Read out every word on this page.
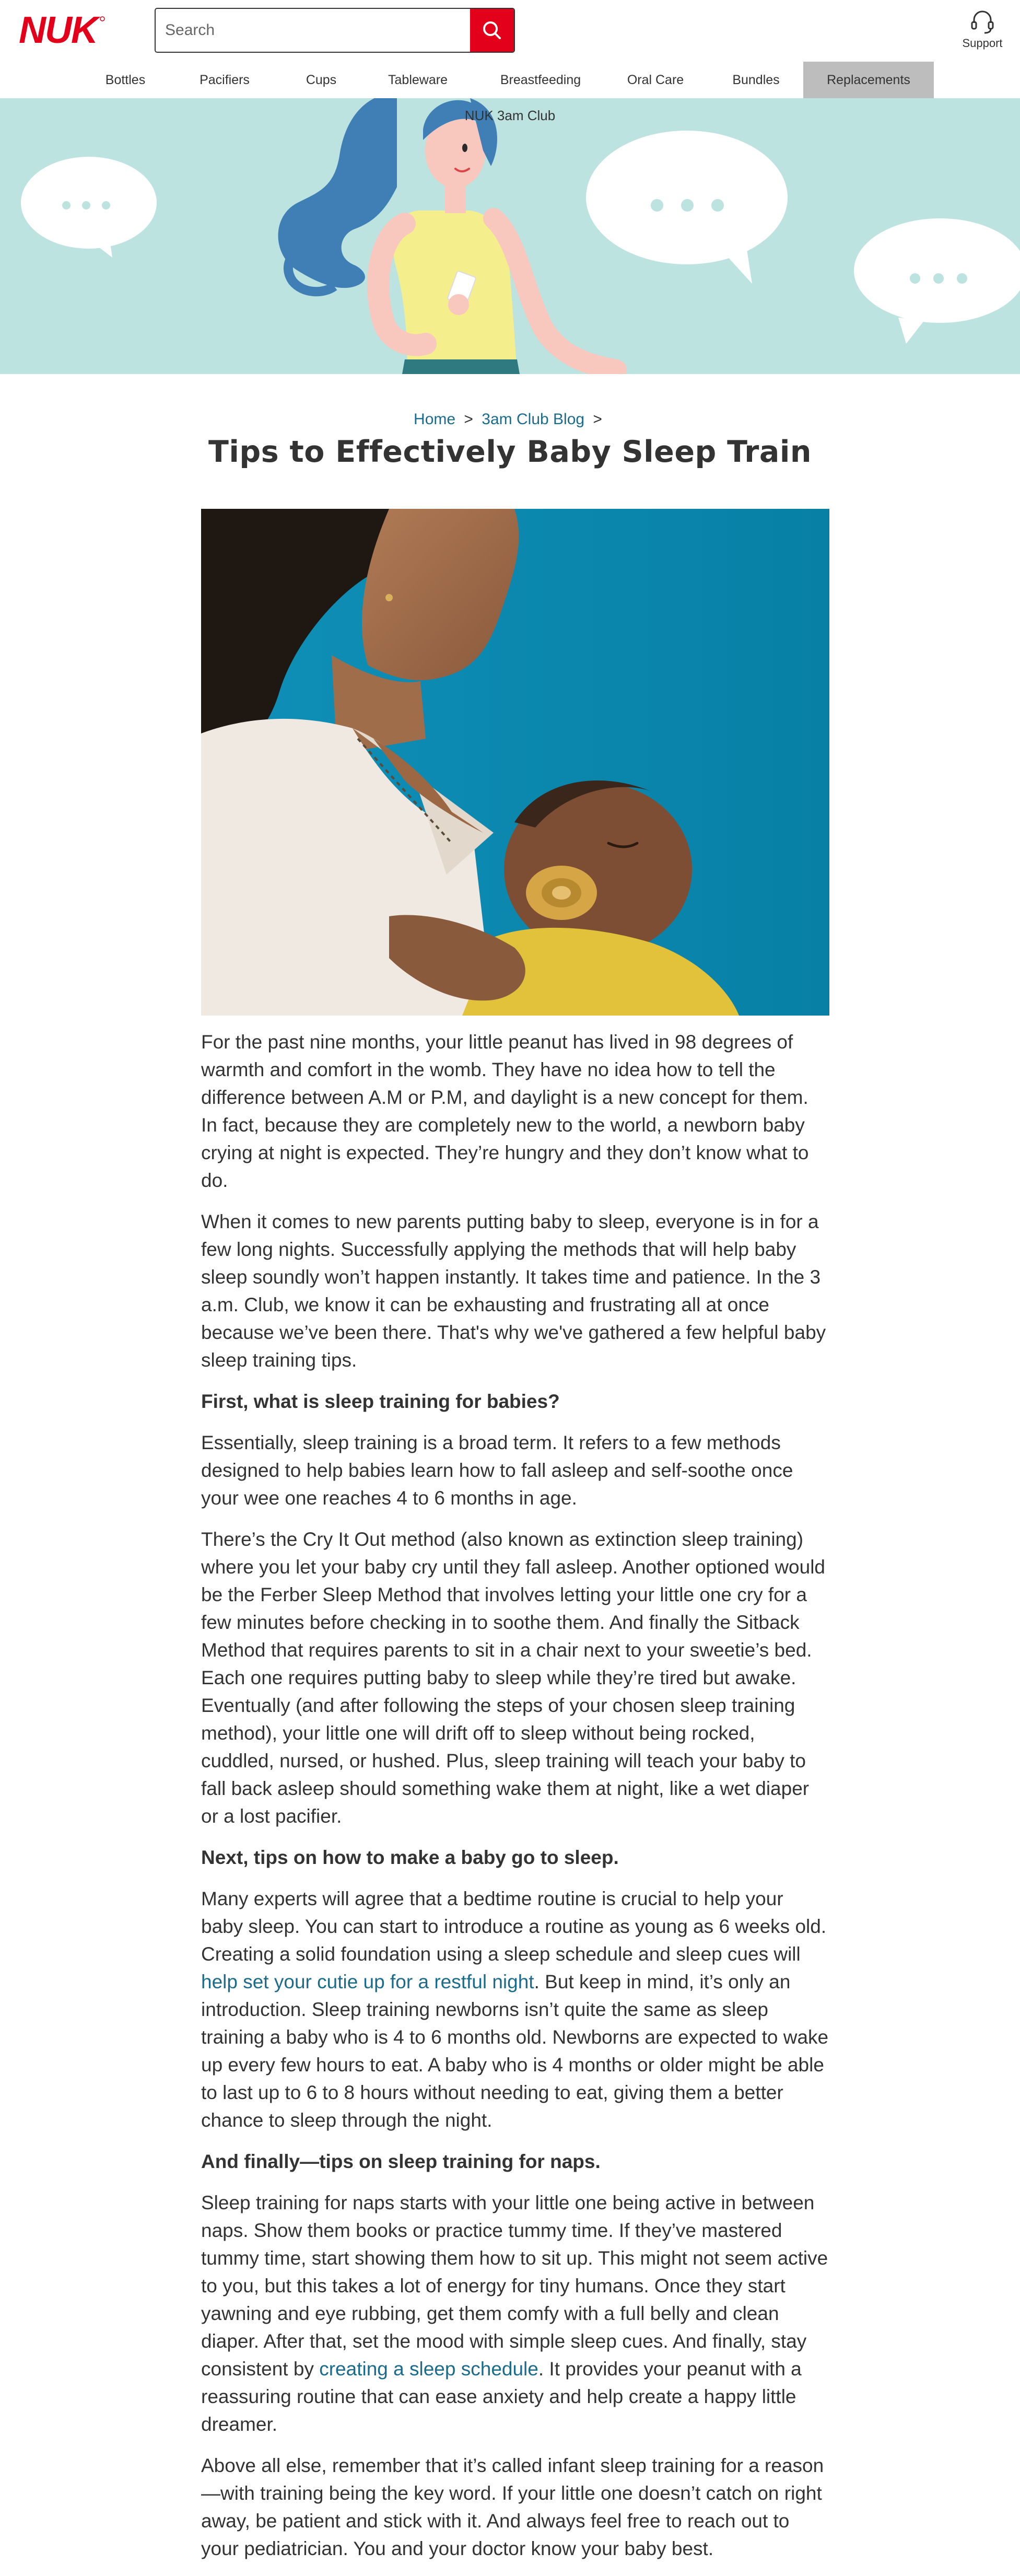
NUK
Search	Support
Bottles	Pacifiers	Cups	Tableware	Breastfeeding	Oral Care	Bundles	Replacements
NUK 3am Club
Home > 3am Club Blog >
Tips to Effectively Baby Sleep Train

For the past nine months, your little peanut has lived in 98 degrees of warmth and comfort in the womb. They have no idea how to tell the difference between A.M or P.M, and daylight is a new concept for them. In fact, because they are completely new to the world, a newborn baby crying at night is expected. They’re hungry and they don’t know what to do.

When it comes to new parents putting baby to sleep, everyone is in for a few long nights. Successfully applying the methods that will help baby sleep soundly won’t happen instantly. It takes time and patience. In the 3 a.m. Club, we know it can be exhausting and frustrating all at once because we’ve been there. That's why we've gathered a few helpful baby sleep training tips.

First, what is sleep training for babies?

Essentially, sleep training is a broad term. It refers to a few methods designed to help babies learn how to fall asleep and self-soothe once your wee one reaches 4 to 6 months in age.

There’s the Cry It Out method (also known as extinction sleep training) where you let your baby cry until they fall asleep. Another optioned would be the Ferber Sleep Method that involves letting your little one cry for a few minutes before checking in to soothe them. And finally the Sitback Method that requires parents to sit in a chair next to your sweetie’s bed. Each one requires putting baby to sleep while they’re tired but awake. Eventually (and after following the steps of your chosen sleep training method), your little one will drift off to sleep without being rocked, cuddled, nursed, or hushed. Plus, sleep training will teach your baby to fall back asleep should something wake them at night, like a wet diaper or a lost pacifier.

Next, tips on how to make a baby go to sleep.

Many experts will agree that a bedtime routine is crucial to help your baby sleep. You can start to introduce a routine as young as 6 weeks old. Creating a solid foundation using a sleep schedule and sleep cues will help set your cutie up for a restful night. But keep in mind, it’s only an introduction. Sleep training newborns isn’t quite the same as sleep training a baby who is 4 to 6 months old. Newborns are expected to wake up every few hours to eat. A baby who is 4 months or older might be able to last up to 6 to 8 hours without needing to eat, giving them a better chance to sleep through the night.

And finally—tips on sleep training for naps.

Sleep training for naps starts with your little one being active in between naps. Show them books or practice tummy time. If they’ve mastered tummy time, start showing them how to sit up. This might not seem active to you, but this takes a lot of energy for tiny humans. Once they start yawning and eye rubbing, get them comfy with a full belly and clean diaper. After that, set the mood with simple sleep cues. And finally, stay consistent by creating a sleep schedule. It provides your peanut with a reassuring routine that can ease anxiety and help create a happy little dreamer.

Above all else, remember that it’s called infant sleep training for a reason—with training being the key word. If your little one doesn’t catch on right away, be patient and stick with it. And always feel free to reach out to your pediatrician. You and your doctor know your baby best.
